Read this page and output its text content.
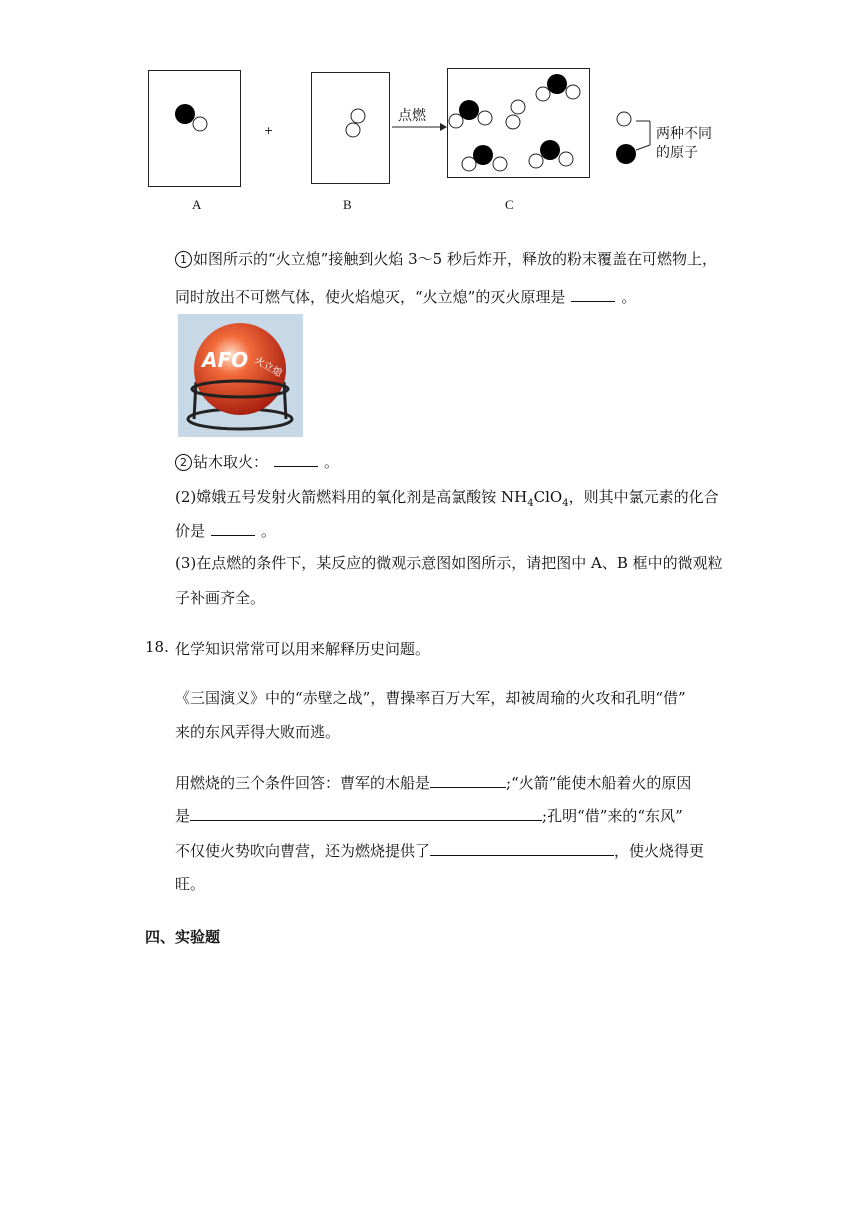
A
+
B
点燃
C
两种不同
的原子
1 如图所示的“火立熄”接触到火焰 3～5 秒后炸开，释放的粉末覆盖在可燃物上，
同时放出不可燃气体，使火焰熄灭，“火立熄”的灭火原理是	。
AFO 火立熄
2 钻木取火：	。
(2)嫦娥五号发射火箭燃料用的氧化剂是高氯酸铵 $NH_4ClO_4$，则其中氯元素的化合
价是	。
(3)在点燃的条件下，某反应的微观示意图如图所示，请把图中 A、B 框中的微观粒
子补画齐全。
18. 化学知识常常可以用来解释历史问题。
《三国演义》中的“赤壁之战”，曹操率百万大军，却被周瑜的火攻和孔明“借”
来的东风弄得大败而逃。
用燃烧的三个条件回答：曹军的木船是	;“火箭”能使木船着火的原因
是	;孔明“借”来的“东风”
不仅使火势吹向曹营，还为燃烧提供了	，使火烧得更
旺。
四、实验题
